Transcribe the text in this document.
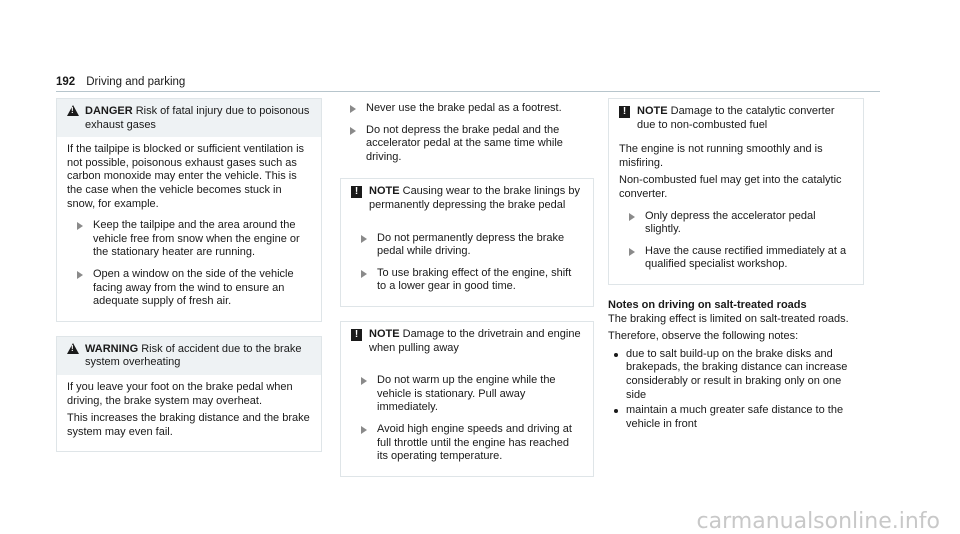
192 Driving and parking
!
DANGER Risk of fatal injury due to poisonous exhaust gases

If the tailpipe is blocked or sufficient ventilation is not possible, poisonous exhaust gases such as carbon monoxide may enter the vehicle. This is the case when the vehicle becomes stuck in snow, for example.

Keep the tailpipe and the area around the vehicle free from snow when the engine or the stationary heater are running.
Open a window on the side of the vehicle facing away from the wind to ensure an adequate supply of fresh air.
!
WARNING Risk of accident due to the brake system overheating

If you leave your foot on the brake pedal when driving, the brake system may overheat.

This increases the braking distance and the brake system may even fail.

Never use the brake pedal as a footrest.
Do not depress the brake pedal and the accelerator pedal at the same time while driving.
! NOTE Causing wear to the brake linings by permanently depressing the brake pedal
Do not permanently depress the brake pedal while driving.
To use braking effect of the engine, shift to a lower gear in good time.
! NOTE Damage to the drivetrain and engine when pulling away
Do not warm up the engine while the vehicle is stationary. Pull away immediately.
Avoid high engine speeds and driving at full throttle until the engine has reached its operating temperature.
! NOTE Damage to the catalytic converter due to non-combusted fuel

The engine is not running smoothly and is misfiring.

Non-combusted fuel may get into the catalytic converter.

Only depress the accelerator pedal slightly.
Have the cause rectified immediately at a qualified specialist workshop.

Notes on driving on salt-treated roads

The braking effect is limited on salt-treated roads.

Therefore, observe the following notes:

due to salt build-up on the brake disks and brakepads, the braking distance can increase considerably or result in braking only on one side
maintain a much greater safe distance to the vehicle in front
carmanualsonline.info
